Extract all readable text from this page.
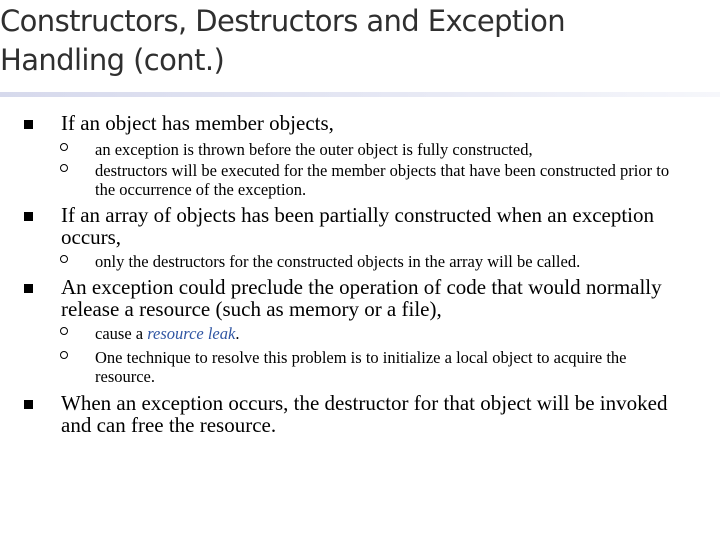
Constructors, Destructors and Exception
Handling (cont.)
If an object has member objects,
an exception is thrown before the outer object is fully constructed,
destructors will be executed for the member objects that have been constructed prior to the occurrence of the exception.
If an array of objects has been partially constructed when an exception occurs,
only the destructors for the constructed objects in the array will be called.
An exception could preclude the operation of code that would normally release a resource (such as memory or a file),
cause a resource leak.
One technique to resolve this problem is to initialize a local object to acquire the resource.
When an exception occurs, the destructor for that object will be invoked and can free the resource.
